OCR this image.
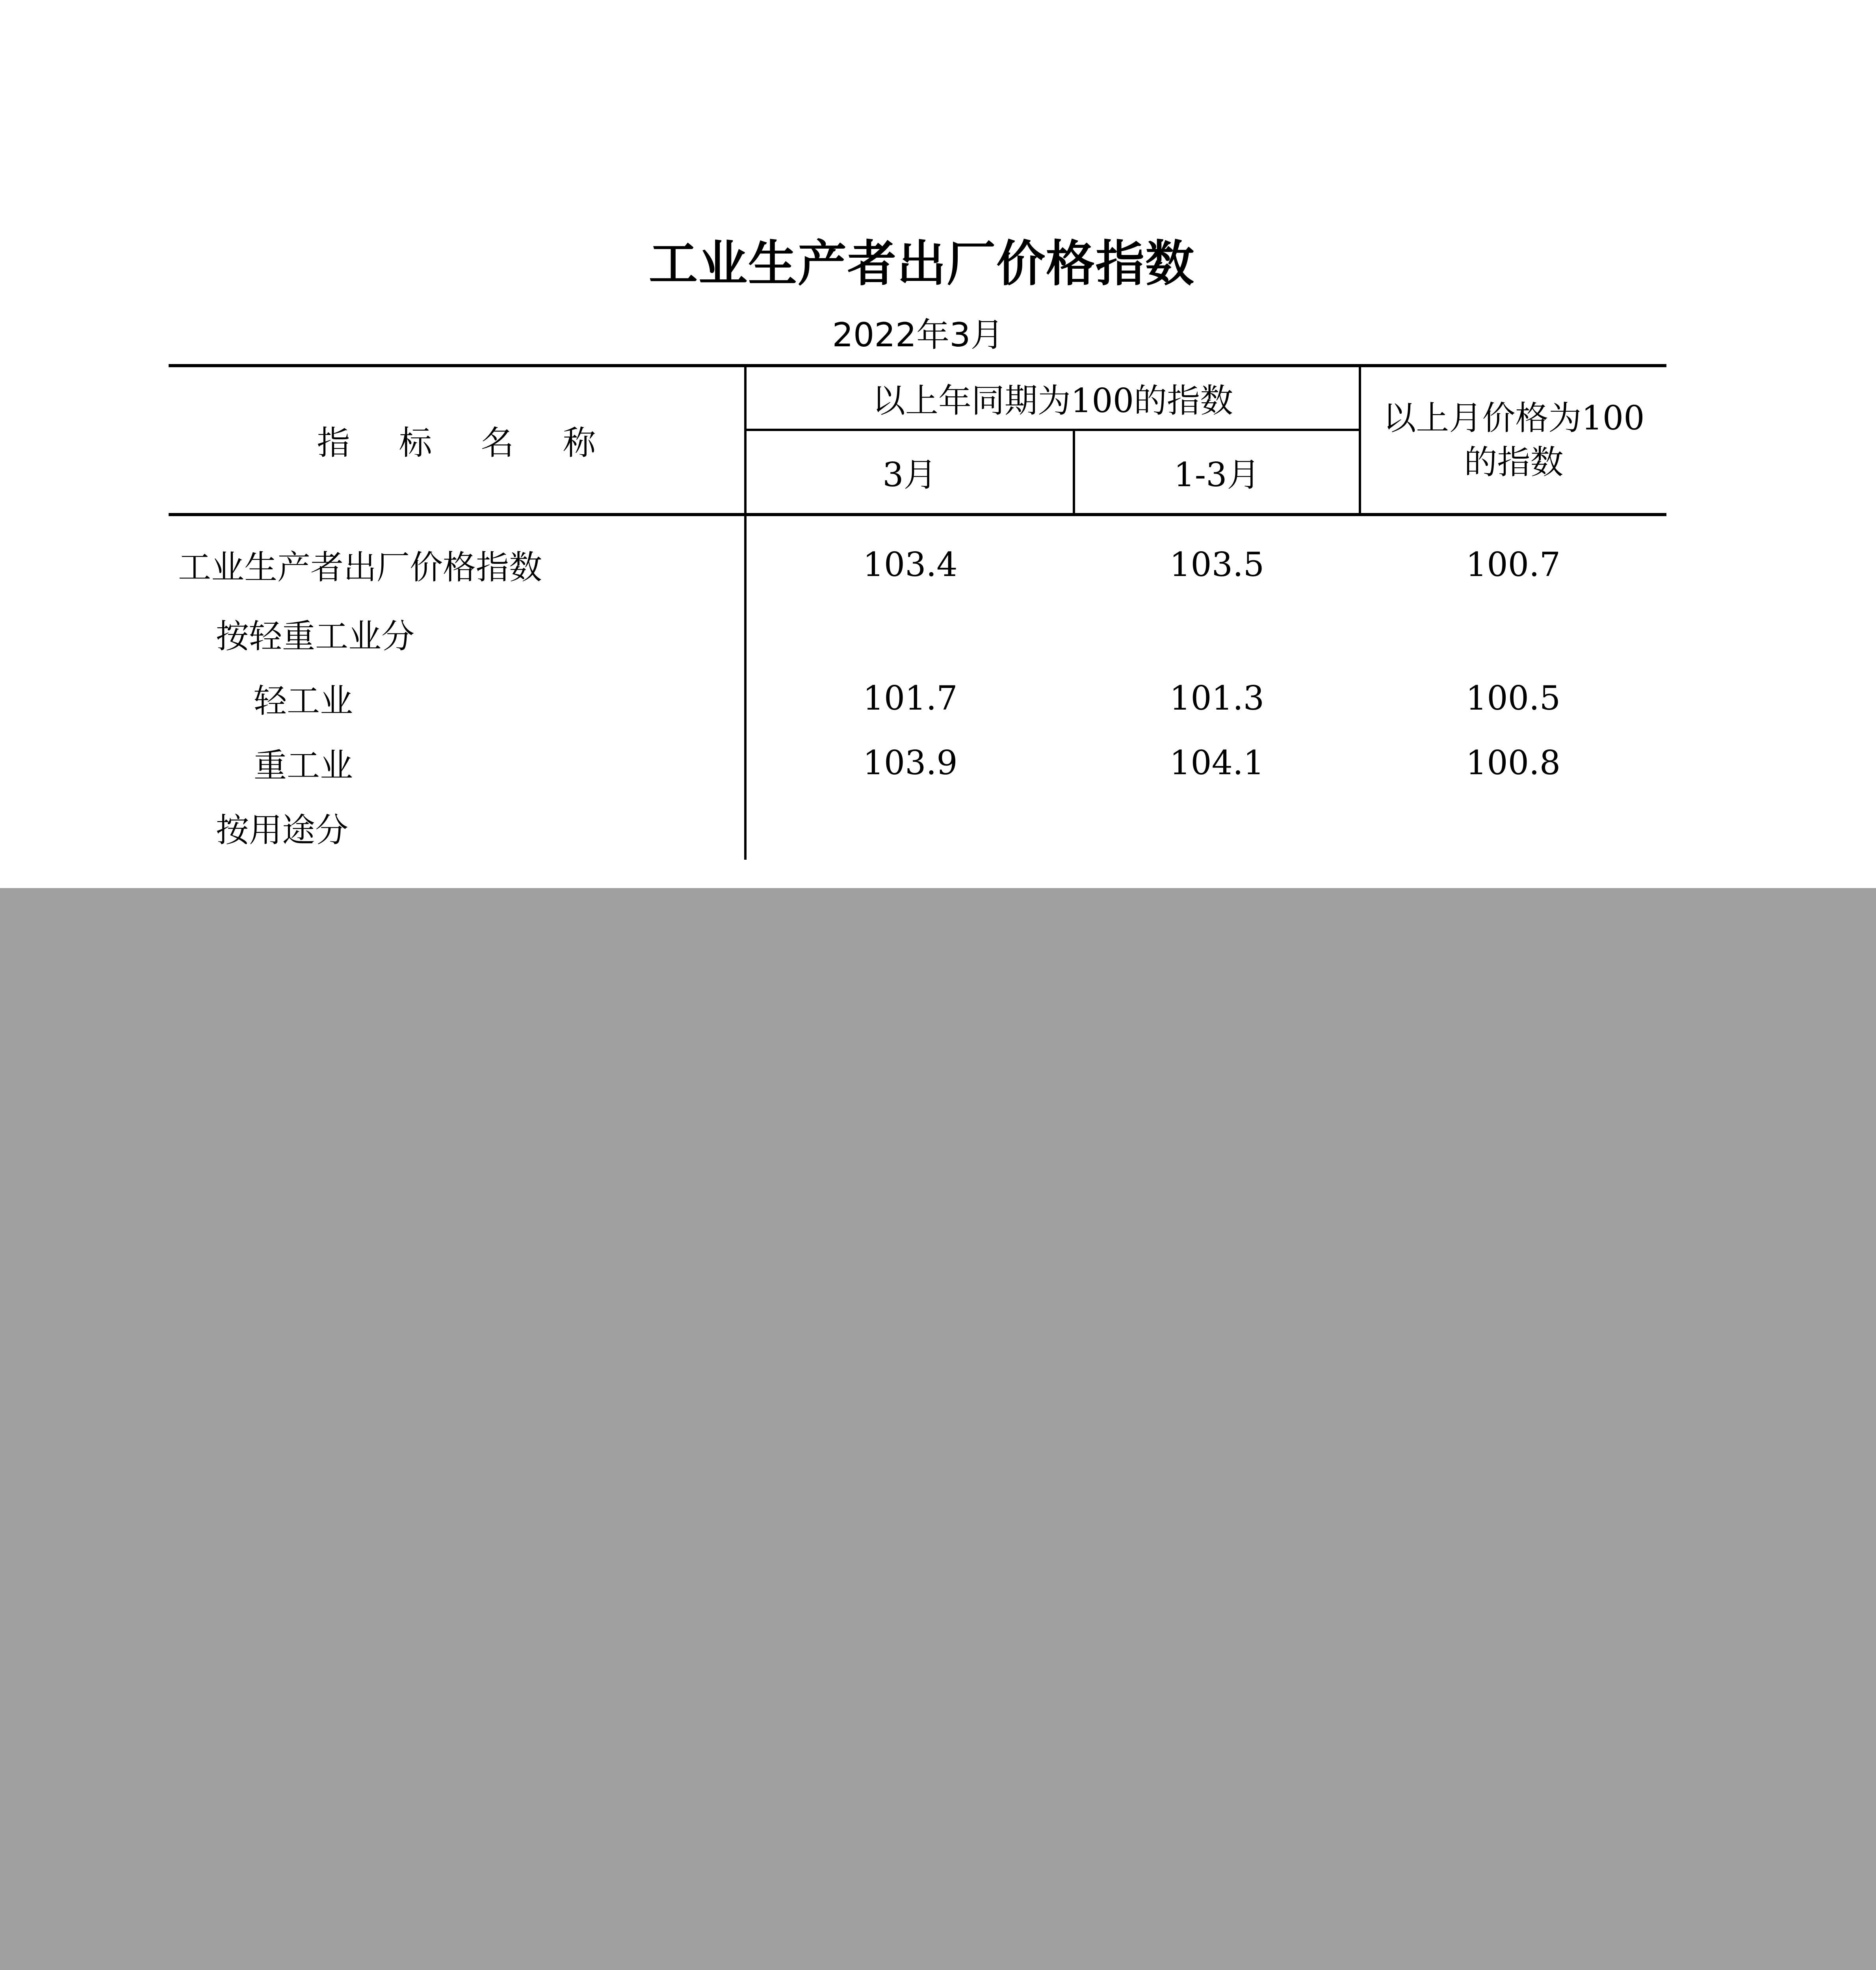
工业生产者出厂价格指数
2022年3月
指 标 名 称	以上年同期为100的指数		以上月价格为100
的指数

	3月	1-3月	
工业生产者出厂价格指数	103.4	103.5	100.7
按轻重工业分			
轻工业	101.7	101.3	100.5
重工业	103.9	104.1	100.8
按用途分			
